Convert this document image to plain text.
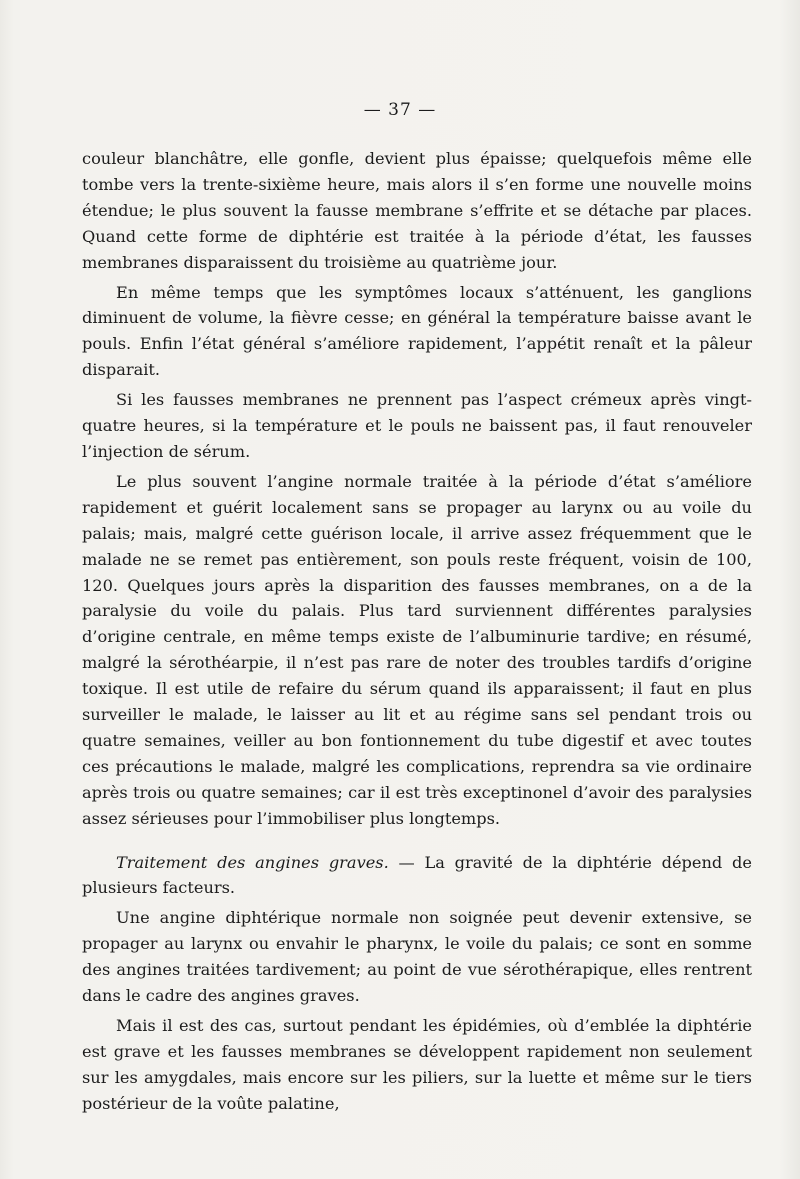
— 37 —

couleur blanchâtre, elle gonfle, devient plus épaisse; quelquefois même elle tombe vers la trente-sixième heure, mais alors il s’en forme une nouvelle moins étendue; le plus souvent la fausse membrane s’effrite et se détache par places. Quand cette forme de diphtérie est traitée à la période d’état, les fausses membranes disparaissent du troisième au quatrième jour.

En même temps que les symptômes locaux s’atténuent, les ganglions diminuent de volume, la fièvre cesse; en général la température baisse avant le pouls. Enfin l’état général s’améliore rapidement, l’appétit renaît et la pâleur disparait.

Si les fausses membranes ne prennent pas l’aspect crémeux après vingt-quatre heures, si la température et le pouls ne baissent pas, il faut renouveler l’injection de sérum.

Le plus souvent l’angine normale traitée à la période d’état s’améliore rapidement et guérit localement sans se propager au larynx ou au voile du palais; mais, malgré cette guérison locale, il arrive assez fréquemment que le malade ne se remet pas entièrement, son pouls reste fréquent, voisin de 100, 120. Quelques jours après la disparition des fausses membranes, on a de la paralysie du voile du palais. Plus tard surviennent différentes paralysies d’origine centrale, en même temps existe de l’albuminurie tardive; en résumé, malgré la sérothéarpie, il n’est pas rare de noter des troubles tardifs d’origine toxique. Il est utile de refaire du sérum quand ils apparaissent; il faut en plus surveiller le malade, le laisser au lit et au régime sans sel pendant trois ou quatre semaines, veiller au bon fontionnement du tube digestif et avec toutes ces précautions le malade, malgré les complications, reprendra sa vie ordinaire après trois ou quatre semaines; car il est très exceptinonel d’avoir des paralysies assez sérieuses pour l’immobiliser plus longtemps.

Traitement des angines graves. — La gravité de la diphtérie dépend de plusieurs facteurs.

Une angine diphtérique normale non soignée peut devenir extensive, se propager au larynx ou envahir le pharynx, le voile du palais; ce sont en somme des angines traitées tardivement; au point de vue sérothérapique, elles rentrent dans le cadre des angines graves.

Mais il est des cas, surtout pendant les épidémies, où d’emblée la diphtérie est grave et les fausses membranes se développent rapidement non seulement sur les amygdales, mais encore sur les piliers, sur la luette et même sur le tiers postérieur de la voûte palatine,
